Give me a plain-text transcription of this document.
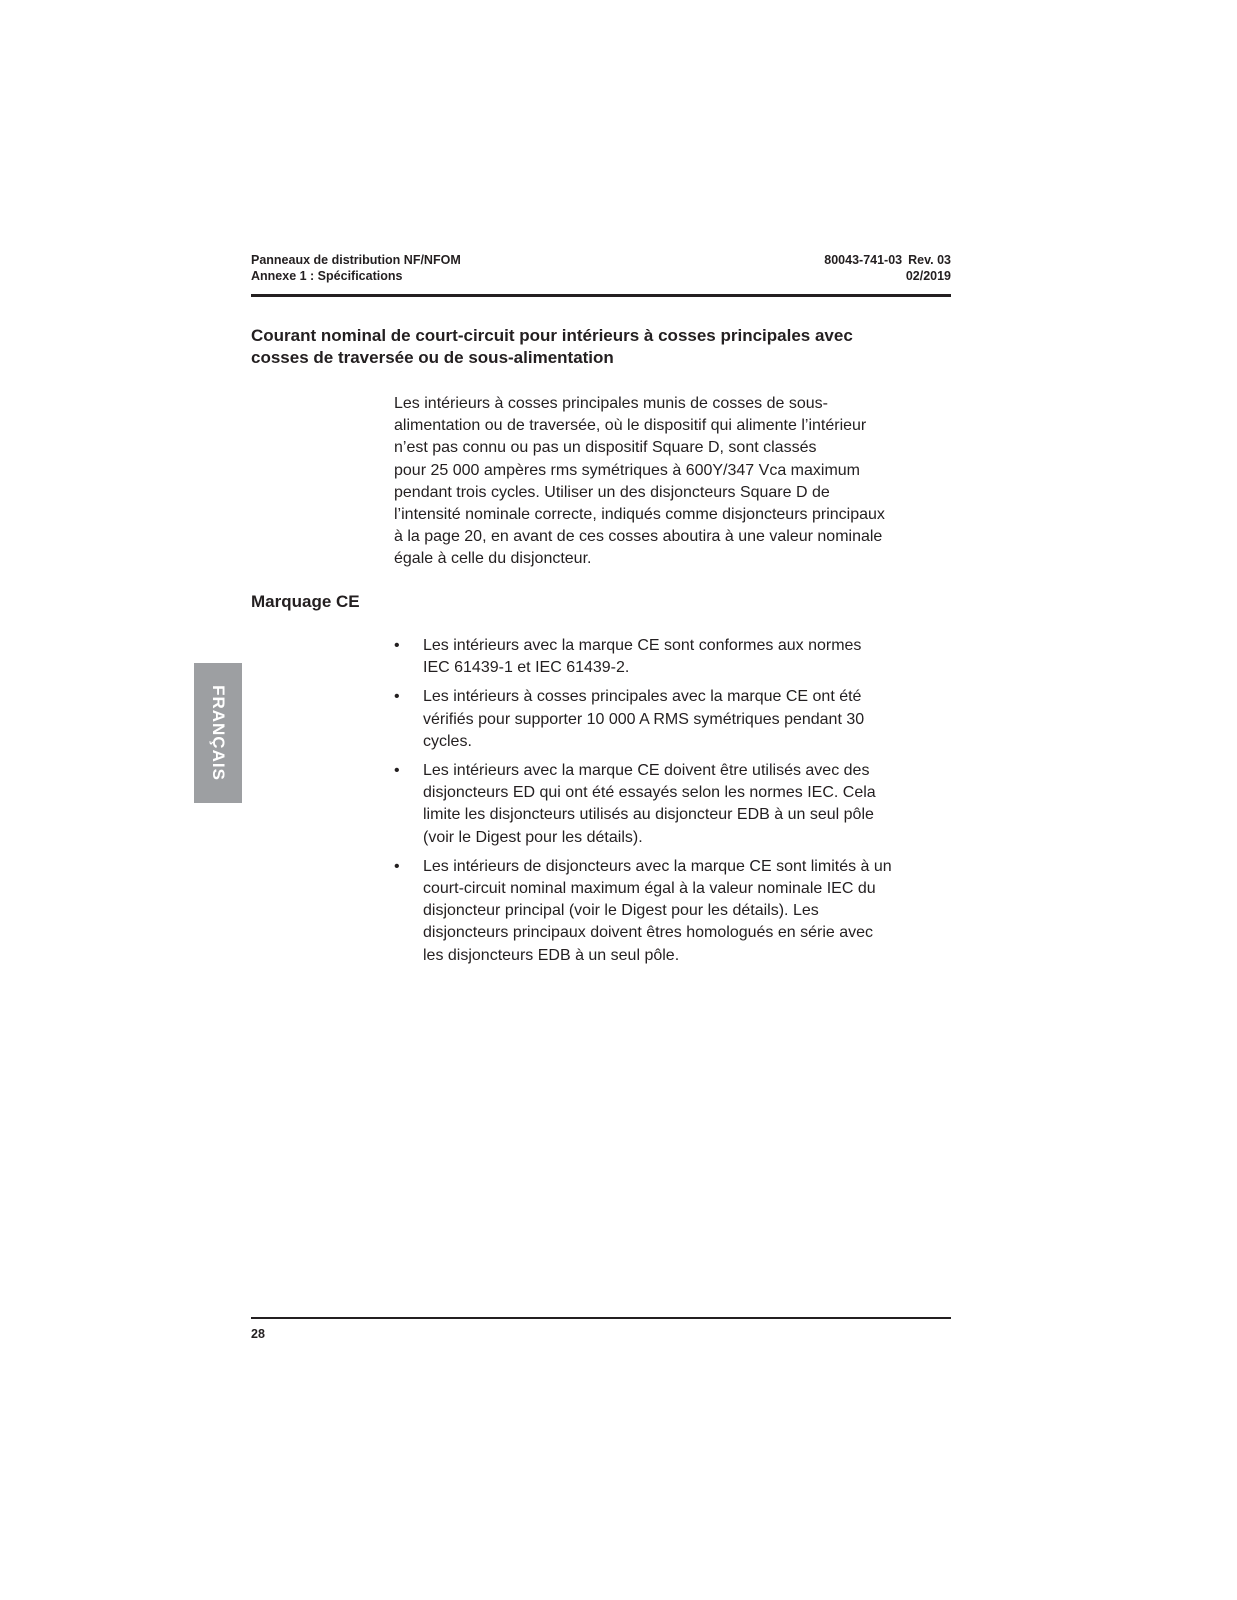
Panneaux de distribution NF/NFOM
Annexe 1 : Spécifications
80043-741-03 Rev. 03
02/2019
Courant nominal de court-circuit pour intérieurs à cosses principales avec
cosses de traversée ou de sous-alimentation
Les intérieurs à cosses principales munis de cosses de sous-
alimentation ou de traversée, où le dispositif qui alimente l’intérieur
n’est pas connu ou pas un dispositif Square D, sont classés
pour 25 000 ampères rms symétriques à 600Y/347 Vca maximum
pendant trois cycles. Utiliser un des disjoncteurs Square D de
l’intensité nominale correcte, indiqués comme disjoncteurs principaux
à la page 20, en avant de ces cosses aboutira à une valeur nominale
égale à celle du disjoncteur.
Marquage CE
• Les intérieurs avec la marque CE sont conformes aux normes
IEC 61439-1 et IEC 61439-2.
• Les intérieurs à cosses principales avec la marque CE ont été
vérifiés pour supporter 10 000 A RMS symétriques pendant 30
cycles.
• Les intérieurs avec la marque CE doivent être utilisés avec des
disjoncteurs ED qui ont été essayés selon les normes IEC. Cela
limite les disjoncteurs utilisés au disjoncteur EDB à un seul pôle
(voir le Digest pour les détails).
• Les intérieurs de disjoncteurs avec la marque CE sont limités à un
court-circuit nominal maximum égal à la valeur nominale IEC du
disjoncteur principal (voir le Digest pour les détails). Les
disjoncteurs principaux doivent êtres homologués en série avec
les disjoncteurs EDB à un seul pôle.
FRANÇAIS
28
